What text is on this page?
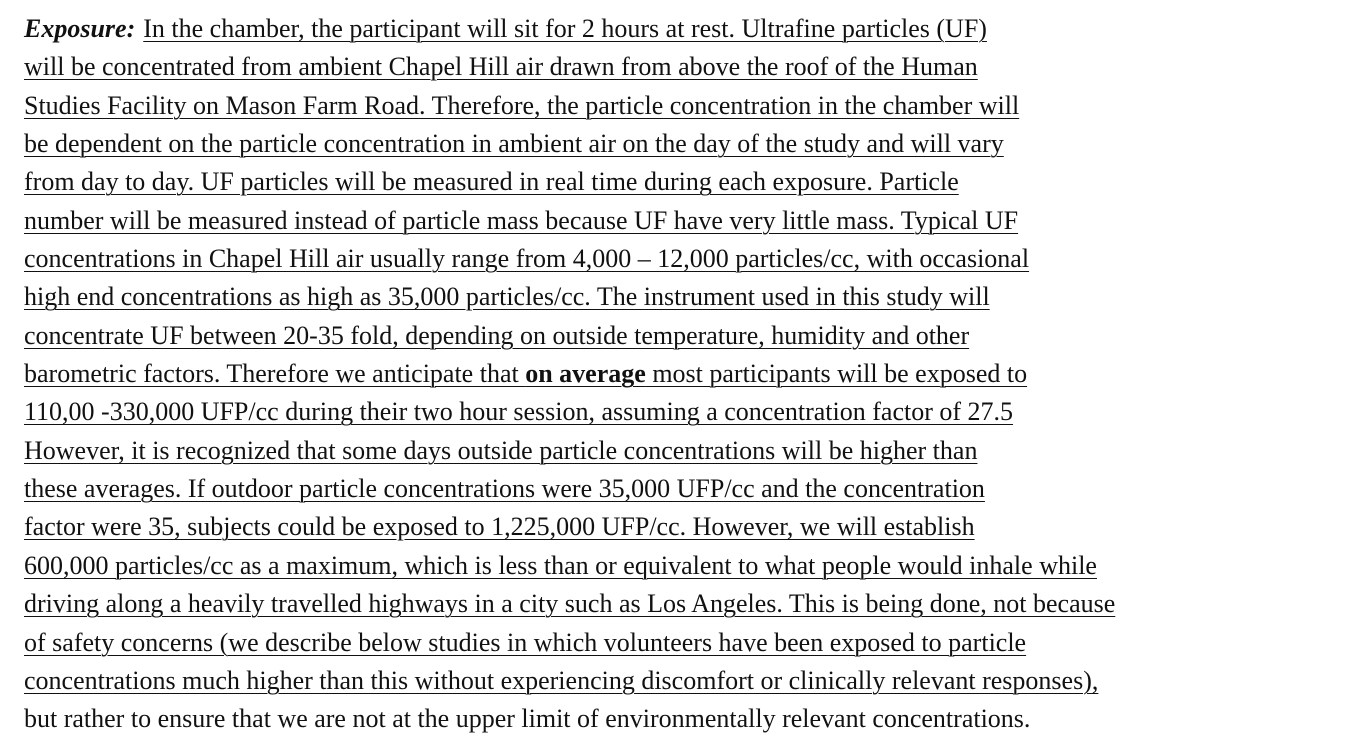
Exposure: In the chamber, the participant will sit for 2 hours at rest. Ultrafine particles (UF)
will be concentrated from ambient Chapel Hill air drawn from above the roof of the Human
Studies Facility on Mason Farm Road. Therefore, the particle concentration in the chamber will
be dependent on the particle concentration in ambient air on the day of the study and will vary
from day to day. UF particles will be measured in real time during each exposure. Particle
number will be measured instead of particle mass because UF have very little mass. Typical UF
concentrations in Chapel Hill air usually range from 4,000 – 12,000 particles/cc, with occasional
high end concentrations as high as 35,000 particles/cc. The instrument used in this study will
concentrate UF between 20-35 fold, depending on outside temperature, humidity and other
barometric factors. Therefore we anticipate that on average most participants will be exposed to
110,00 -330,000 UFP/cc during their two hour session, assuming a concentration factor of 27.5
However, it is recognized that some days outside particle concentrations will be higher than
these averages. If outdoor particle concentrations were 35,000 UFP/cc and the concentration
factor were 35, subjects could be exposed to 1,225,000 UFP/cc. However, we will establish
600,000 particles/cc as a maximum, which is less than or equivalent to what people would inhale while
driving along a heavily travelled highways in a city such as Los Angeles. This is being done, not because
of safety concerns (we describe below studies in which volunteers have been exposed to particle
concentrations much higher than this without experiencing discomfort or clinically relevant responses),
but rather to ensure that we are not at the upper limit of environmentally relevant concentrations.
